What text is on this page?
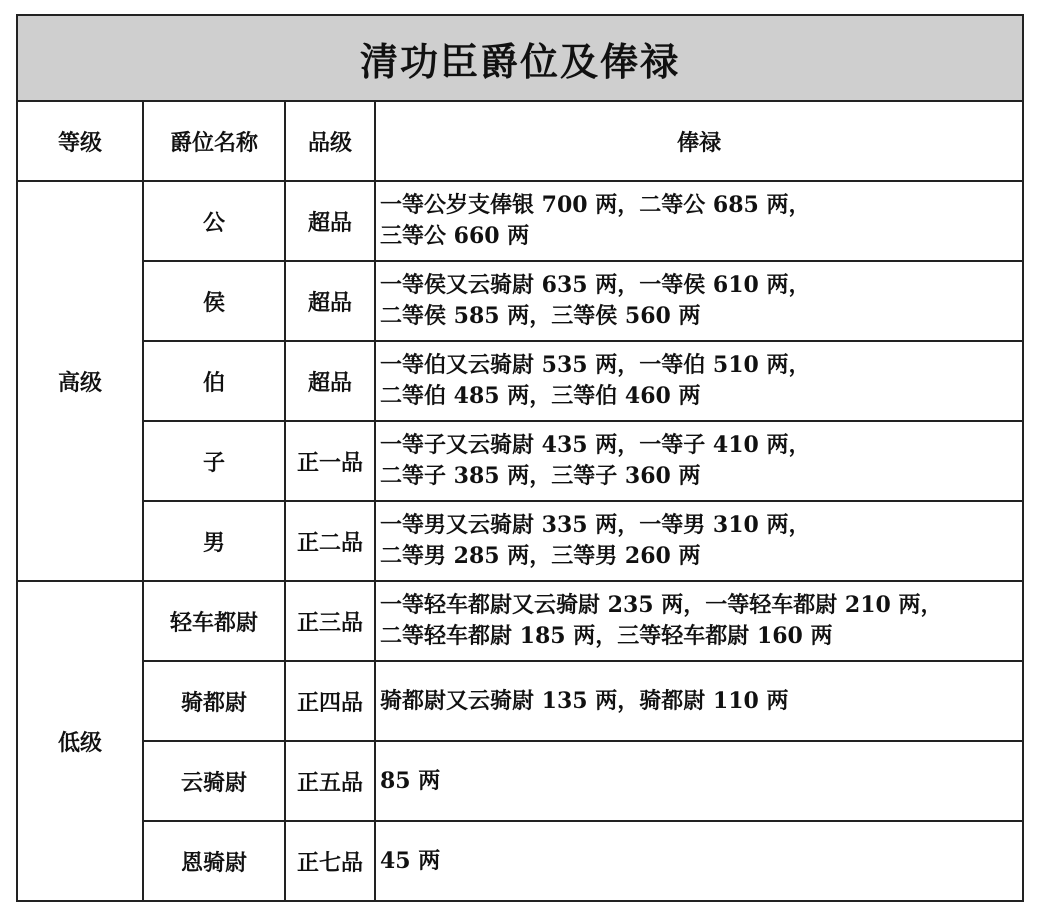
清功臣爵位及俸禄			
等级	爵位名称	品级	俸禄
高级	公	超品	一等公岁支俸银 700 两，二等公 685 两，
三等公 660 两

	侯	超品	一等侯又云骑尉 635 两，一等侯 610 两，
二等侯 585 两，三等侯 560 两

	伯	超品	一等伯又云骑尉 535 两，一等伯 510 两，
二等伯 485 两，三等伯 460 两

	子	正一品	一等子又云骑尉 435 两，一等子 410 两，
二等子 385 两，三等子 360 两

	男	正二品	一等男又云骑尉 335 两，一等男 310 两，
二等男 285 两，三等男 260 两

低级	轻车都尉	正三品	一等轻车都尉又云骑尉 235 两，一等轻车都尉 210 两，
二等轻车都尉 185 两，三等轻车都尉 160 两

	骑都尉	正四品	骑都尉又云骑尉 135 两，骑都尉 110 两

	云骑尉	正五品	85 两

	恩骑尉	正七品	45 两
